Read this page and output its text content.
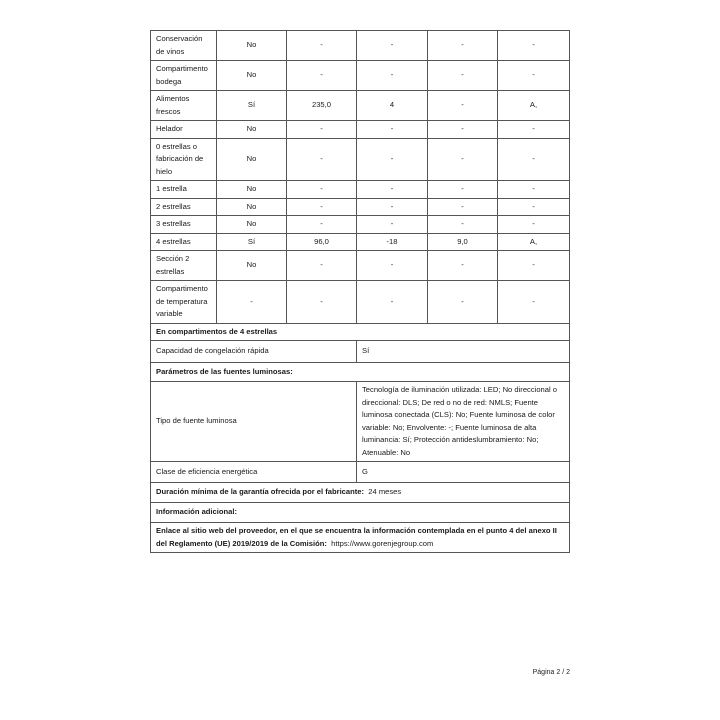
Conservación de vinos	No	-	-	-	-
Compartimento bodega	No	-	-	-	-
Alimentos frescos	Sí	235,0	4	-	A,
Helador	No	-	-	-	-
0 estrellas o fabricación de hielo	No	-	-	-	-
1 estrella	No	-	-	-	-
2 estrellas	No	-	-	-	-
3 estrellas	No	-	-	-	-
4 estrellas	Sí	96,0	-18	9,0	A,
Sección 2 estrellas	No	-	-	-	-
Compartimento de temperatura variable	-	-	-	-	-
En compartimentos de 4 estrellas					
Capacidad de congelación rápida			Sí		
Parámetros de las fuentes luminosas:					
Tipo de fuente luminosa			Tecnología de iluminación utilizada: LED; No direccional o direccional: DLS; De red o no de red: NMLS; Fuente luminosa conectada (CLS): No; Fuente luminosa de color variable: No; Envolvente: -; Fuente luminosa de alta luminancia: Sí; Protección antideslumbramiento: No; Atenuable: No		
Clase de eficiencia energética			G		
Duración mínima de la garantía ofrecida por el fabricante: 24 meses					
Información adicional:					
Enlace al sitio web del proveedor, en el que se encuentra la información contemplada en el punto 4 del anexo II del Reglamento (UE) 2019/2019 de la Comisión: https://www.gorenjegroup.com					
Página 2 / 2
